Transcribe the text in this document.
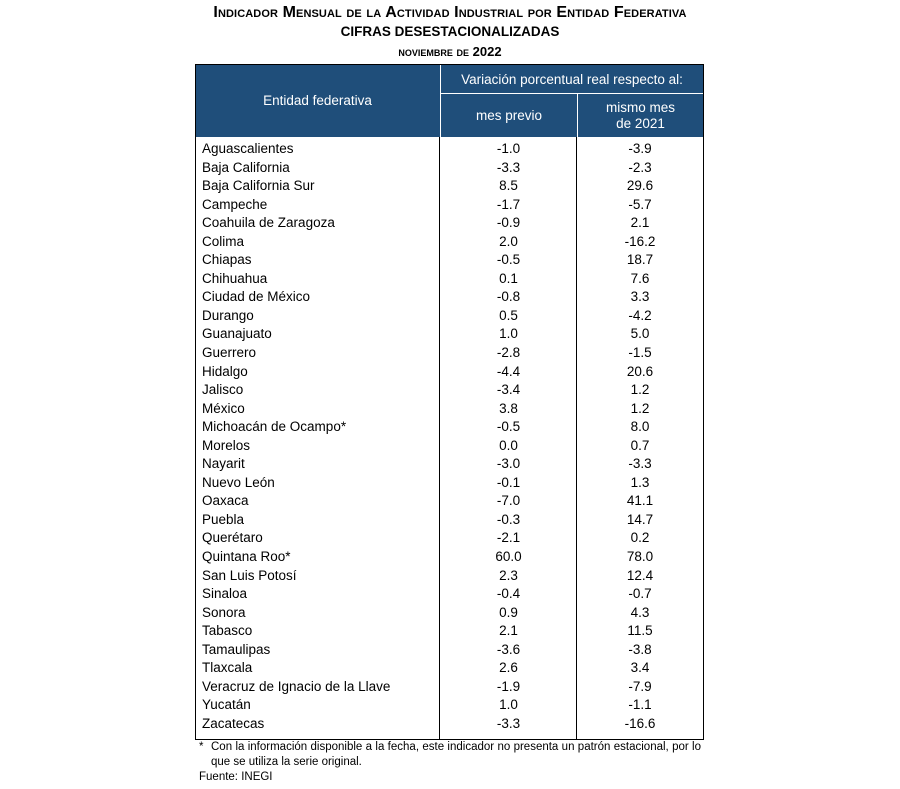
Indicador Mensual de la Actividad Industrial por Entidad Federativa
CIFRAS DESESTACIONALIZADAS
noviembre de 2022
Entidad federativa
Variación porcentual real respecto al:
mes previo
mismo mes
de 2021
Aguascalientes	-1.0	-3.9
Baja California	-3.3	-2.3
Baja California Sur	8.5	29.6
Campeche	-1.7	-5.7
Coahuila de Zaragoza	-0.9	2.1
Colima	2.0	-16.2
Chiapas	-0.5	18.7
Chihuahua	0.1	7.6
Ciudad de México	-0.8	3.3
Durango	0.5	-4.2
Guanajuato	1.0	5.0
Guerrero	-2.8	-1.5
Hidalgo	-4.4	20.6
Jalisco	-3.4	1.2
México	3.8	1.2
Michoacán de Ocampo*	-0.5	8.0
Morelos	0.0	0.7
Nayarit	-3.0	-3.3
Nuevo León	-0.1	1.3
Oaxaca	-7.0	41.1
Puebla	-0.3	14.7
Querétaro	-2.1	0.2
Quintana Roo*	60.0	78.0
San Luis Potosí	2.3	12.4
Sinaloa	-0.4	-0.7
Sonora	0.9	4.3
Tabasco	2.1	11.5
Tamaulipas	-3.6	-3.8
Tlaxcala	2.6	3.4
Veracruz de Ignacio de la Llave	-1.9	-7.9
Yucatán	1.0	-1.1
Zacatecas	-3.3	-16.6
* Con la información disponible a la fecha, este indicador no presenta un patrón estacional, por lo que se utiliza la serie original.
Fuente: INEGI
